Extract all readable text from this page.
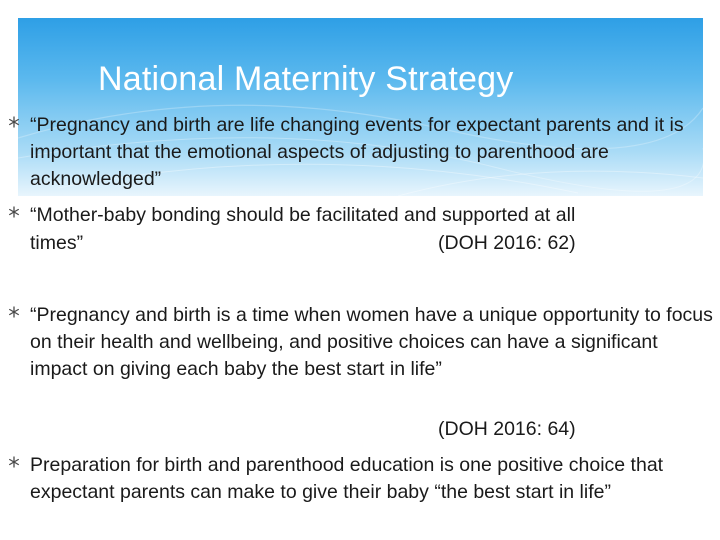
National Maternity Strategy
“Pregnancy and birth are life changing events for expectant parents and it is important that the emotional aspects of adjusting to parenthood are acknowledged”
“Mother-baby bonding should be facilitated and supported at all
times”	(DOH 2016: 62)
“Pregnancy and birth is a time when women have a unique opportunity to focus on their health and wellbeing, and positive choices can have a significant impact on giving each baby the best start in life”
(DOH 2016: 64)
Preparation for birth and parenthood education is one positive choice that expectant parents can make to give their baby “the best start in life”
